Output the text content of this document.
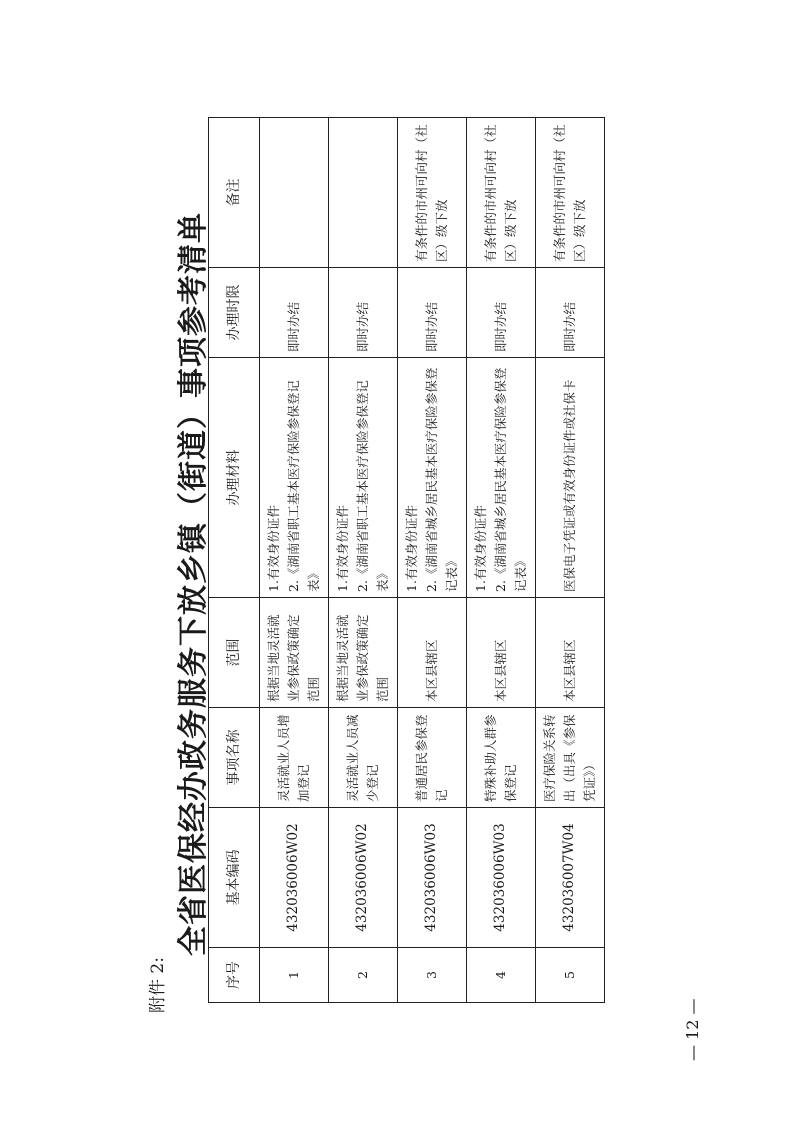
附件 2:
全省医保经办政务服务下放乡镇（街道）事项参考清单
序号	基本编码	事项名称	范围	办理材料	办理时限	备注
1	432036006W02	灵活就业人员增加登记	根据当地灵活就业参保政策确定范围	1.有效身份证件
2.《湖南省职工基本医疗保险参保登记表》	即时办结	
2	432036006W02	灵活就业人员减少登记	根据当地灵活就业参保政策确定范围	1.有效身份证件
2.《湖南省职工基本医疗保险参保登记表》	即时办结	
3	432036006W03	普通居民参保登记	本区县辖区	1.有效身份证件
2.《湖南省城乡居民基本医疗保险参保登记表》	即时办结	有条件的市州可向村（社区）级下放
4	432036006W03	特殊补助人群参保登记	本区县辖区	1.有效身份证件
2.《湖南省城乡居民基本医疗保险参保登记表》	即时办结	有条件的市州可向村（社区）级下放
5	432036007W04	医疗保险关系转出（出具《参保凭证》）	本区县辖区	医保电子凭证或有效身份证件或社保卡	即时办结	有条件的市州可向村（社区）级下放
— 12 —
